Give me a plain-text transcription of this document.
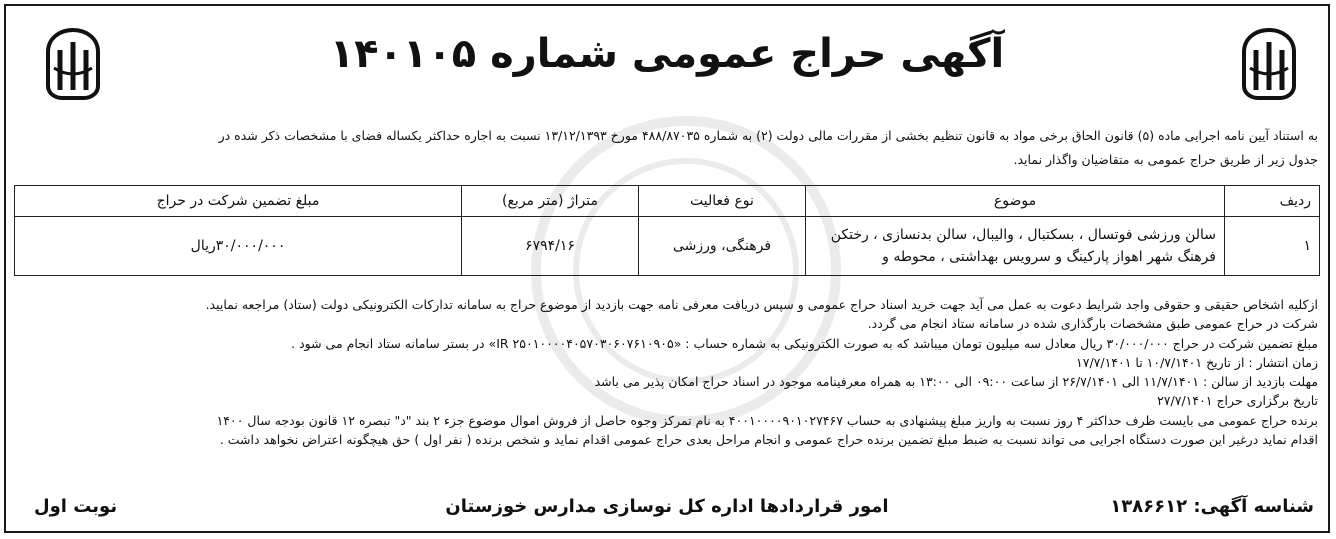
آگهی حراج عمومی شماره ۱۴۰۱۰۵
به استناد آیین نامه اجرایی ماده (۵) قانون الحاق برخی مواد به قانون تنظیم بخشی از مقررات مالی دولت (۲) به شماره ۴۸۸/۸۷۰۳۵ مورخ ۱۳/۱۲/۱۳۹۳ نسبت به اجاره حداکثر یکساله فضای با مشخصات ذکر شده در
جدول زیر از طریق حراج عمومی به متقاضیان واگذار نماید.
ردیف	موضوع	نوع فعالیت	متراژ (متر مربع)	مبلغ تضمین شرکت در حراج
۱	سالن ورزشی فوتسال ، بسکتبال ، والیبال، سالن بدنسازی ، رختکن
فرهنگ شهر اهواز پارکینگ و سرویس بهداشتی ، محوطه و	فرهنگی، ورزشی	۶۷۹۴/۱۶	۳۰/۰۰۰/۰۰۰ریال
ازکلیه اشخاص حقیقی و حقوقی واجد شرایط دعوت به عمل می آید جهت خرید اسناد حراج عمومی و سپس دریافت معرفی نامه جهت بازدید از موضوع حراج به سامانه تدارکات الکترونیکی دولت (ستاد) مراجعه نمایید.
شرکت در حراج عمومی طبق مشخصات بارگذاری شده در سامانه ستاد انجام می گردد.
مبلغ تضمین شرکت در حراج ۳۰/۰۰۰/۰۰۰ ریال معادل سه میلیون تومان میباشد که به صورت الکترونیکی به شماره حساب : «IR ۲۵۰۱۰۰۰۰۴۰۵۷۰۳۰۶۰۷۶۱۰۹۰۵» در بستر سامانه ستاد انجام می شود .
زمان انتشار : از تاریخ ۱۰/۷/۱۴۰۱ تا ۱۷/۷/۱۴۰۱
مهلت بازدید از سالن : ۱۱/۷/۱۴۰۱ الی ۲۶/۷/۱۴۰۱ از ساعت ۰۹:۰۰ الی ۱۳:۰۰ به همراه معرفینامه موجود در اسناد حراج امکان پذیر می باشد
تاریخ برگزاری حراج ۲۷/۷/۱۴۰۱
برنده حراج عمومی می بایست ظرف حداکثر ۴ روز نسبت به واریز مبلغ پیشنهادی به حساب ۴۰۰۱۰۰۰۰۹۰۱۰۲۷۴۶۷ به نام تمرکز وجوه حاصل از فروش اموال موضوع جزء ۲ بند "د" تبصره ۱۲ قانون بودجه سال ۱۴۰۰
اقدام نماید درغیر این صورت دستگاه اجرایی می تواند نسبت به ضبط مبلغ تضمین برنده حراج عمومی و انجام مراحل بعدی حراج عمومی اقدام نماید و شخص برنده ( نفر اول ) حق هیچگونه اعتراض نخواهد داشت .
شناسه آگهی: ۱۳۸۶۶۱۲
امور قراردادها اداره کل نوسازی مدارس خوزستان
نوبت اول
